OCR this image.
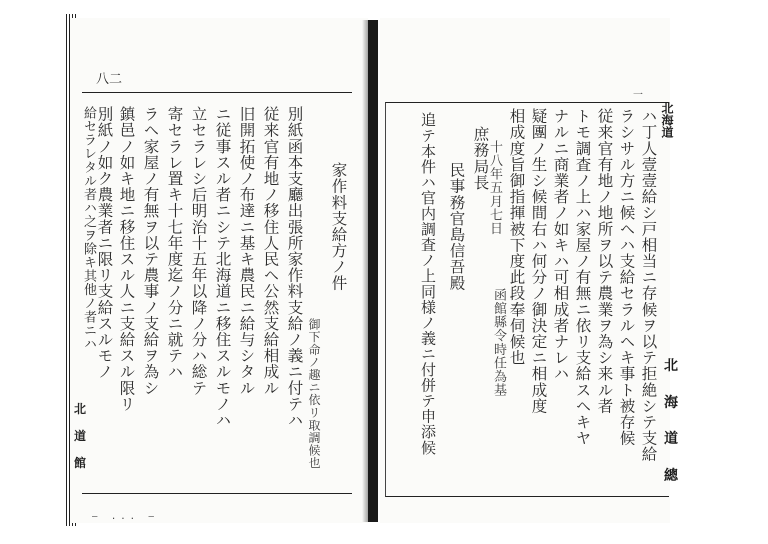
八二
家作料支給方ノ件
御下命ノ趣ニ依リ取調候也
別紙函本支廳出張所家作料支給ノ義ニ付テハ
従来官有地ノ移住人民ヘ公然支給相成ル
旧開拓使ノ布達ニ基キ農民ニ給与シタル
ニ従事スル者ニシテ北海道ニ移住スルモノハ
立セラレシ后明治十五年以降ノ分ハ総テ
寄セラレ置キ十七年度迄ノ分ニ就テハ
ラヘ家屋ノ有無ヲ以テ農事ノ支給ヲ為シ
鎮邑ノ如キ地ニ移住スル人ニ支給スル限リ
別紙ノ如ク農業者ニ限リ支給スルモノ
給セラレタル者ハ之ヲ除キ其他ノ者ニハ
北
道
館
一
ハ丁人壹壹給シ戸相当ニ存候ヲ以テ拒絶シテ支給
ラシサル方ニ候ヘハ支給セラルヘキ事ト被存候
従来官有地ノ地所ヲ以テ農業ヲ為シ来ル者
トモ調査ノ上ハ家屋ノ有無ニ依リ支給スヘキヤ
ナルニ商業者ノ如キハ可相成者ナレハ
疑團ノ生シ候間右ハ何分ノ御決定ニ相成度
相成度旨御指揮被下度此段奉伺候也
十八年五月七日
庶務局長
函館縣令時任為基
民事務官島信吾殿
追テ本件ハ官内調査ノ上同様ノ義ニ付併テ申添候	北
海
道
總
北海道
— ... —
